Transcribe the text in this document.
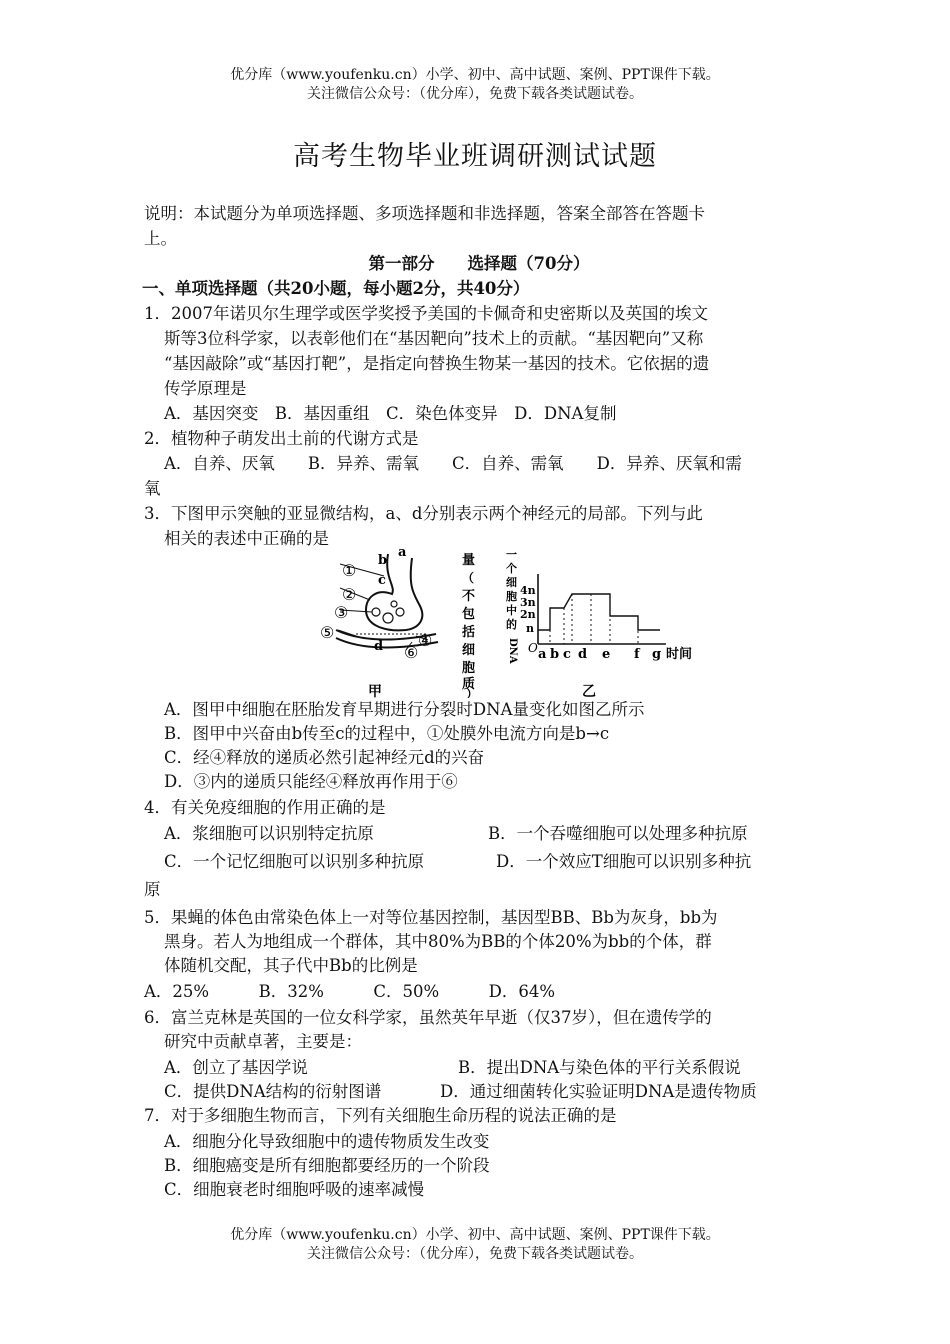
优分库（www.youfenku.cn）小学、初中、高中试题、案例、PPT课件下载。
关注微信公众号：（优分库），免费下载各类试题试卷。
高考生物毕业班调研测试试题
说明：本试题分为单项选择题、多项选择题和非选择题，答案全部答在答题卡
上。
第一部分　　选择题（70分）
一、单项选择题（共20小题，每小题2分，共40分）
1．2007年诺贝尔生理学或医学奖授予美国的卡佩奇和史密斯以及英国的埃文
斯等3位科学家，以表彰他们在“基因靶向”技术上的贡献。“基因靶向”又称
“基因敲除”或“基因打靶”，是指定向替换生物某一基因的技术。它依据的遗
传学原理是
A．基因突变　B．基因重组　C．染色体变异　D．DNA复制
2．植物种子萌发出土前的代谢方式是
A．自养、厌氧　　B．异养、需氧　　C．自养、需氧　　D．异养、厌氧和需
氧
3．下图甲示突触的亚显微结构，a、d分别表示两个神经元的局部。下列与此
相关的表述中正确的是
①
②
③
⑤	④
⑥
a
b
c
d
甲
量	一
个
细
胞
中
的
DNA
（
不
包
括
细
胞
质
）
4n
3n
2n
n
O a b c d e f g 时间
乙
A．图甲中细胞在胚胎发育早期进行分裂时DNA量变化如图乙所示
B．图甲中兴奋由b传至c的过程中，①处膜外电流方向是b→c
C．经④释放的递质必然引起神经元d的兴奋
D．③内的递质只能经④释放再作用于⑥
4．有关免疫细胞的作用正确的是
A．浆细胞可以识别特定抗原	B．一个吞噬细胞可以处理多种抗原
C．一个记忆细胞可以识别多种抗原	D．一个效应T细胞可以识别多种抗
原
5．果蝇的体色由常染色体上一对等位基因控制，基因型BB、Bb为灰身，bb为
黑身。若人为地组成一个群体，其中80%为BB的个体20%为bb的个体，群
体随机交配，其子代中Bb的比例是
A．25%　　　B．32%　　　C．50%　　　D．64%
6．富兰克林是英国的一位女科学家，虽然英年早逝（仅37岁），但在遗传学的
研究中贡献卓著，主要是：
A．创立了基因学说	B．提出DNA与染色体的平行关系假说
C．提供DNA结构的衍射图谱	D．通过细菌转化实验证明DNA是遗传物质
7．对于多细胞生物而言，下列有关细胞生命历程的说法正确的是
A．细胞分化导致细胞中的遗传物质发生改变
B．细胞癌变是所有细胞都要经历的一个阶段
C．细胞衰老时细胞呼吸的速率减慢
优分库（www.youfenku.cn）小学、初中、高中试题、案例、PPT课件下载。
关注微信公众号：（优分库），免费下载各类试题试卷。
